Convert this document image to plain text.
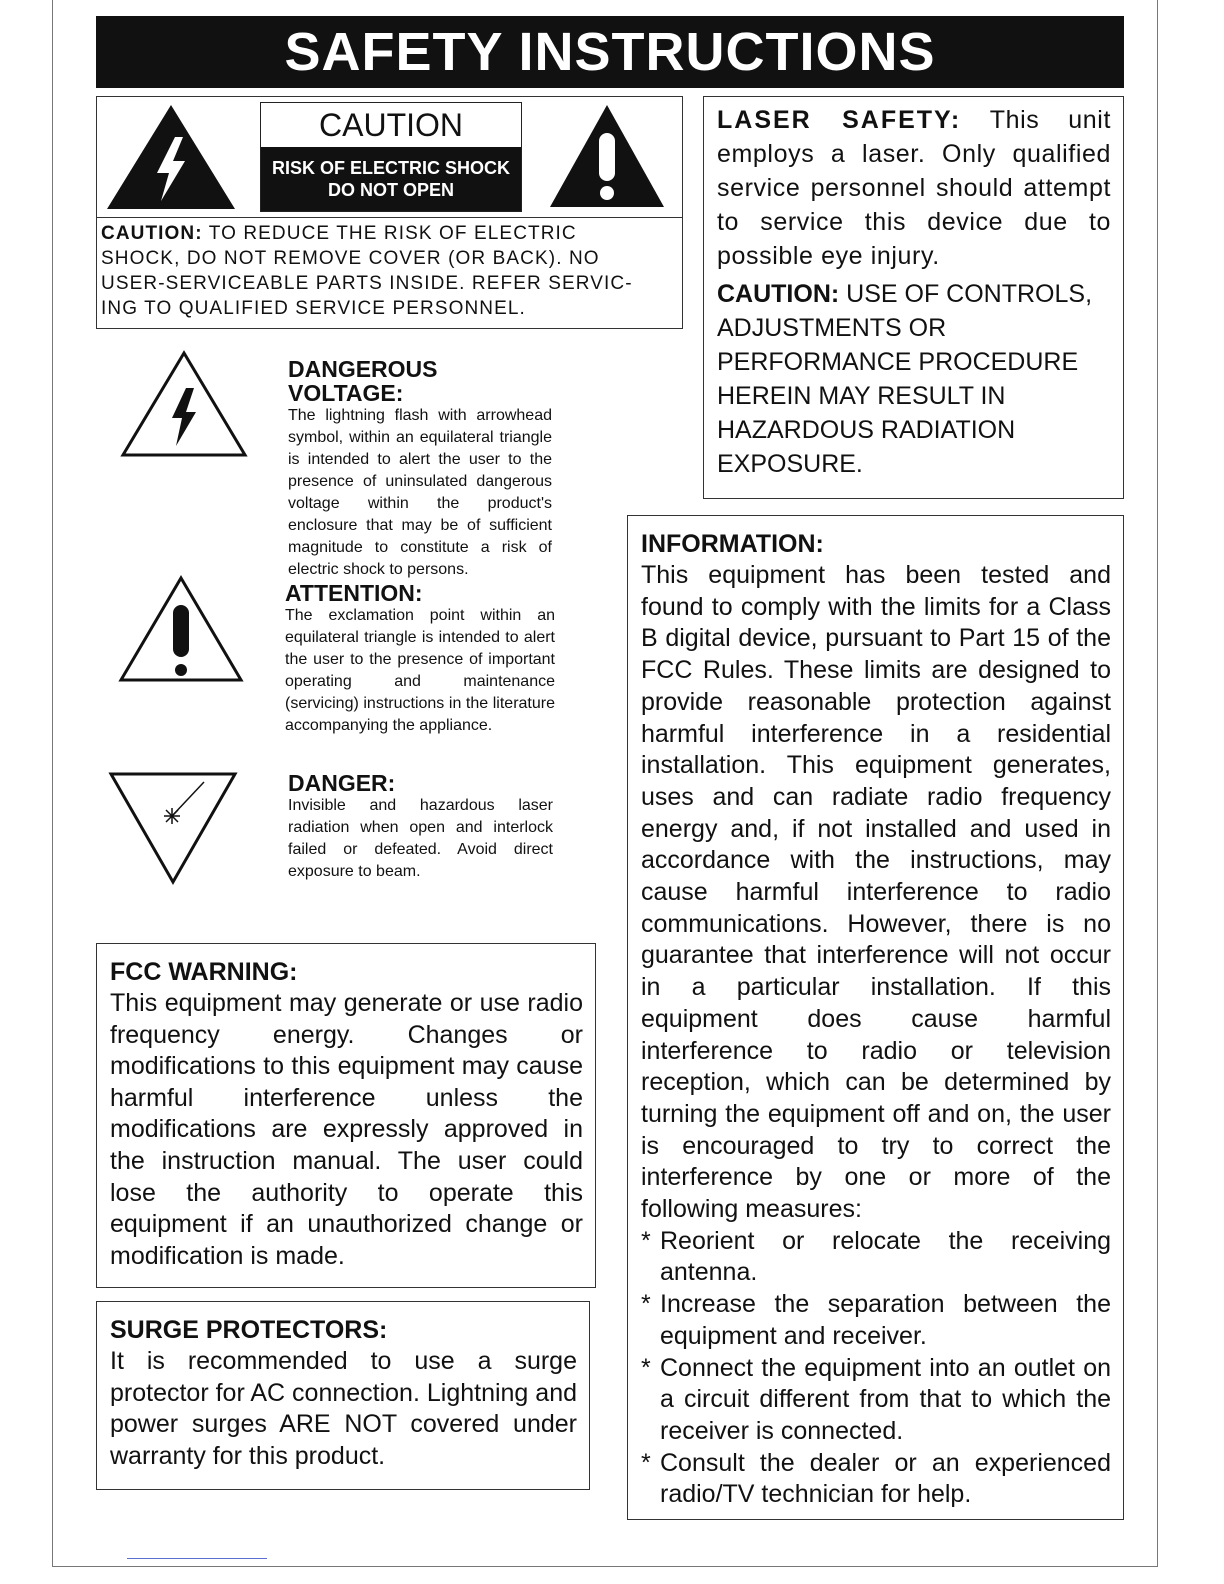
SAFETY INSTRUCTIONS
CAUTION
RISK OF ELECTRIC SHOCK
DO NOT OPEN
CAUTION: TO REDUCE THE RISK OF ELECTRIC
SHOCK, DO NOT REMOVE COVER (OR BACK). NO
USER-SERVICEABLE PARTS INSIDE. REFER SERVIC-
ING TO QUALIFIED SERVICE PERSONNEL.

LASER SAFETY: This unit employs a laser. Only qualified service personnel should attempt to service this device due to possible eye injury.

CAUTION: USE OF CONTROLS, ADJUSTMENTS OR PERFORMANCE PROCEDURE HEREIN MAY RESULT IN HAZARDOUS RADIATION EXPOSURE.

DANGEROUS VOLTAGE:
The lightning flash with arrowhead symbol, within an equilateral triangle is intended to alert the user to the presence of uninsulated dangerous voltage within the product's enclosure that may be of sufficient magnitude to constitute a risk of electric shock to persons.
ATTENTION:
The exclamation point within an equilateral triangle is intended to alert the user to the presence of important operating and maintenance (servicing) instructions in the literature accompanying the appliance.
DANGER:
Invisible and hazardous laser radiation when open and interlock failed or defeated. Avoid direct exposure to beam.
INFORMATION:

This equipment has been tested and found to comply with the limits for a Class B digital device, pursuant to Part 15 of the FCC Rules. These limits are designed to provide reasonable protection against harmful interference in a residential installation. This equipment generates, uses and can radiate radio frequency energy and, if not installed and used in accordance with the instructions, may cause harmful interference to radio communications. However, there is no guarantee that interference will not occur in a particular installation. If this equipment does cause harmful interference to radio or television reception, which can be determined by turning the equipment off and on, the user is encouraged to try to correct the interference by one or more of the following measures:

* Reorient or relocate the receiving antenna.

* Increase the separation between the equipment and receiver.

* Connect the equipment into an outlet on a circuit different from that to which the receiver is connected.

* Consult the dealer or an experienced radio/TV technician for help.

FCC WARNING:

This equipment may generate or use radio frequency energy. Changes or modifications to this equipment may cause harmful interference unless the modifications are expressly approved in the instruction manual. The user could lose the authority to operate this equipment if an unauthorized change or modification is made.

SURGE PROTECTORS:

It is recommended to use a surge protector for AC connection. Lightning and power surges ARE NOT covered under warranty for this product.
